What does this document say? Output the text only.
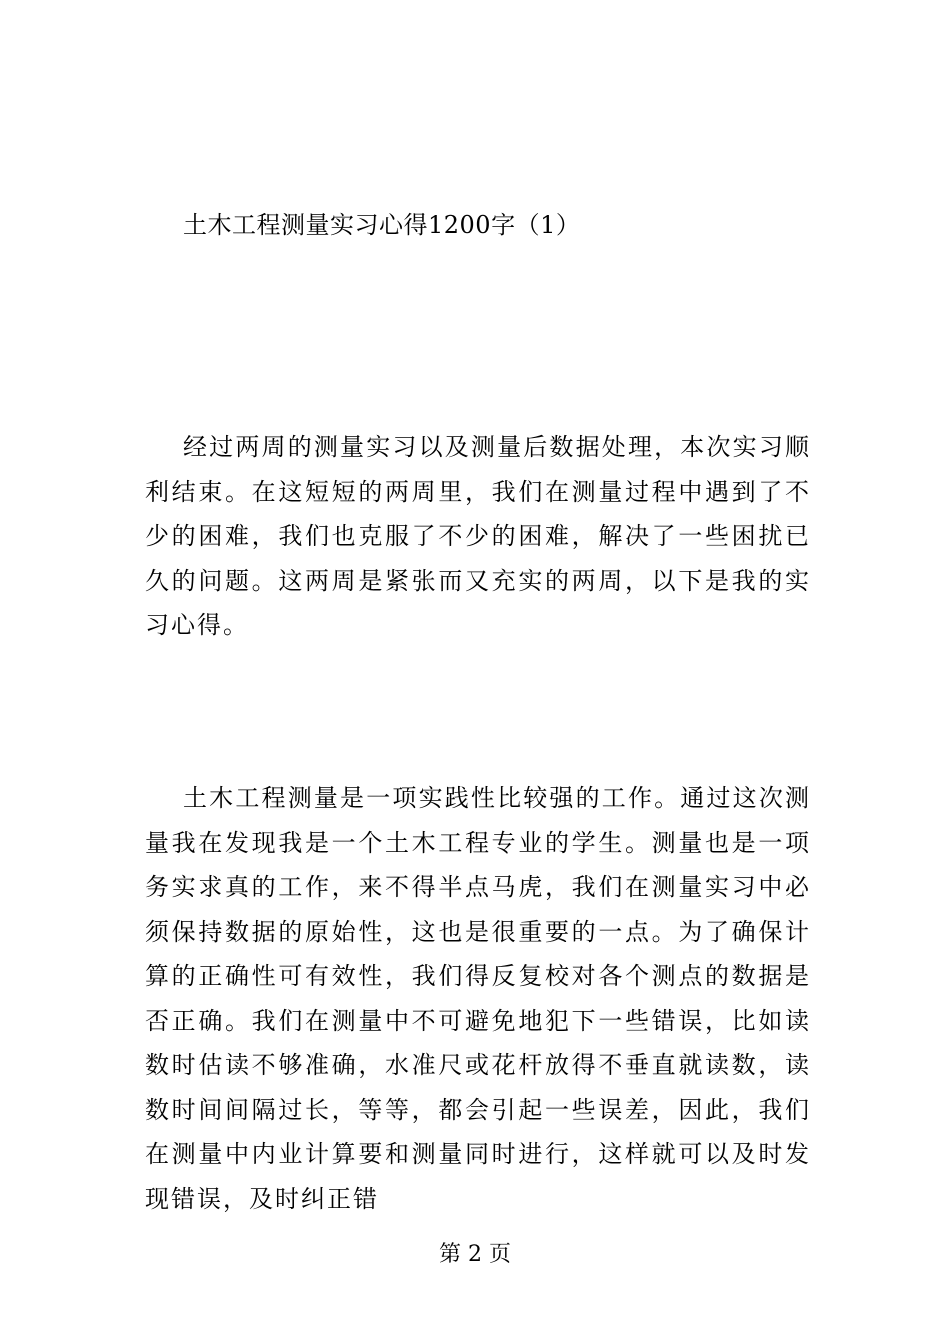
土木工程测量实习心得1200字（1）

经过两周的测量实习以及测量后数据处理，本次实习顺利结束。在这短短的两周里，我们在测量过程中遇到了不少的困难，我们也克服了不少的困难，解决了一些困扰已久的问题。这两周是紧张而又充实的两周，以下是我的实习心得。

土木工程测量是一项实践性比较强的工作。通过这次测量我在发现我是一个土木工程专业的学生。测量也是一项务实求真的工作，来不得半点马虎，我们在测量实习中必须保持数据的原始性，这也是很重要的一点。为了确保计算的正确性可有效性，我们得反复校对各个测点的数据是否正确。我们在测量中不可避免地犯下一些错误，比如读数时估读不够准确，水准尺或花杆放得不垂直就读数，读数时间间隔过长，等等，都会引起一些误差，因此，我们在测量中内业计算要和测量同时进行，这样就可以及时发现错误，及时纠正错

第 2 页
